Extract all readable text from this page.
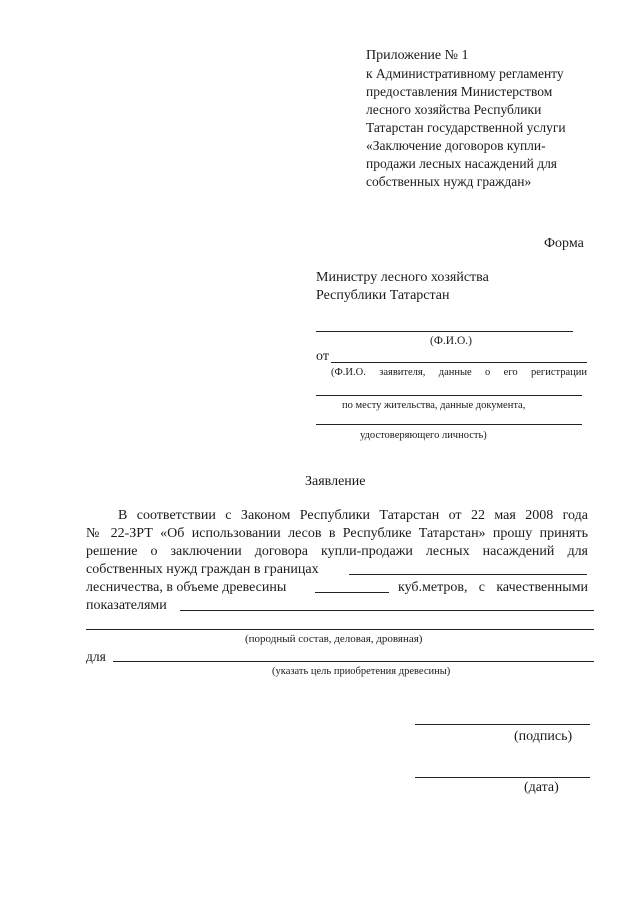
Приложение № 1
к Административному регламенту
предоставления Министерством
лесного хозяйства Республики
Татарстан государственной услуги
«Заключение договоров купли-
продажи лесных насаждений для
собственных нужд граждан»
Форма
Министру лесного хозяйства
Республики Татарстан
(Ф.И.О.)
от
(Ф.И.О. заявителя, данные о его регистрации
по месту жительства, данные документа,
удостоверяющего личность)
Заявление
В соответствии с Законом Республики Татарстан от 22 мая 2008 года
№ 22-ЗРТ «Об использовании лесов в Республике Татарстан» прошу принять
решение о заключении договора купли-продажи лесных насаждений для
собственных нужд граждан в границах
лесничества, в объеме древесины	куб.метров, с качественными
показателями
(породный состав, деловая, дровяная)
для
(указать цель приобретения древесины)
(подпись)
(дата)
